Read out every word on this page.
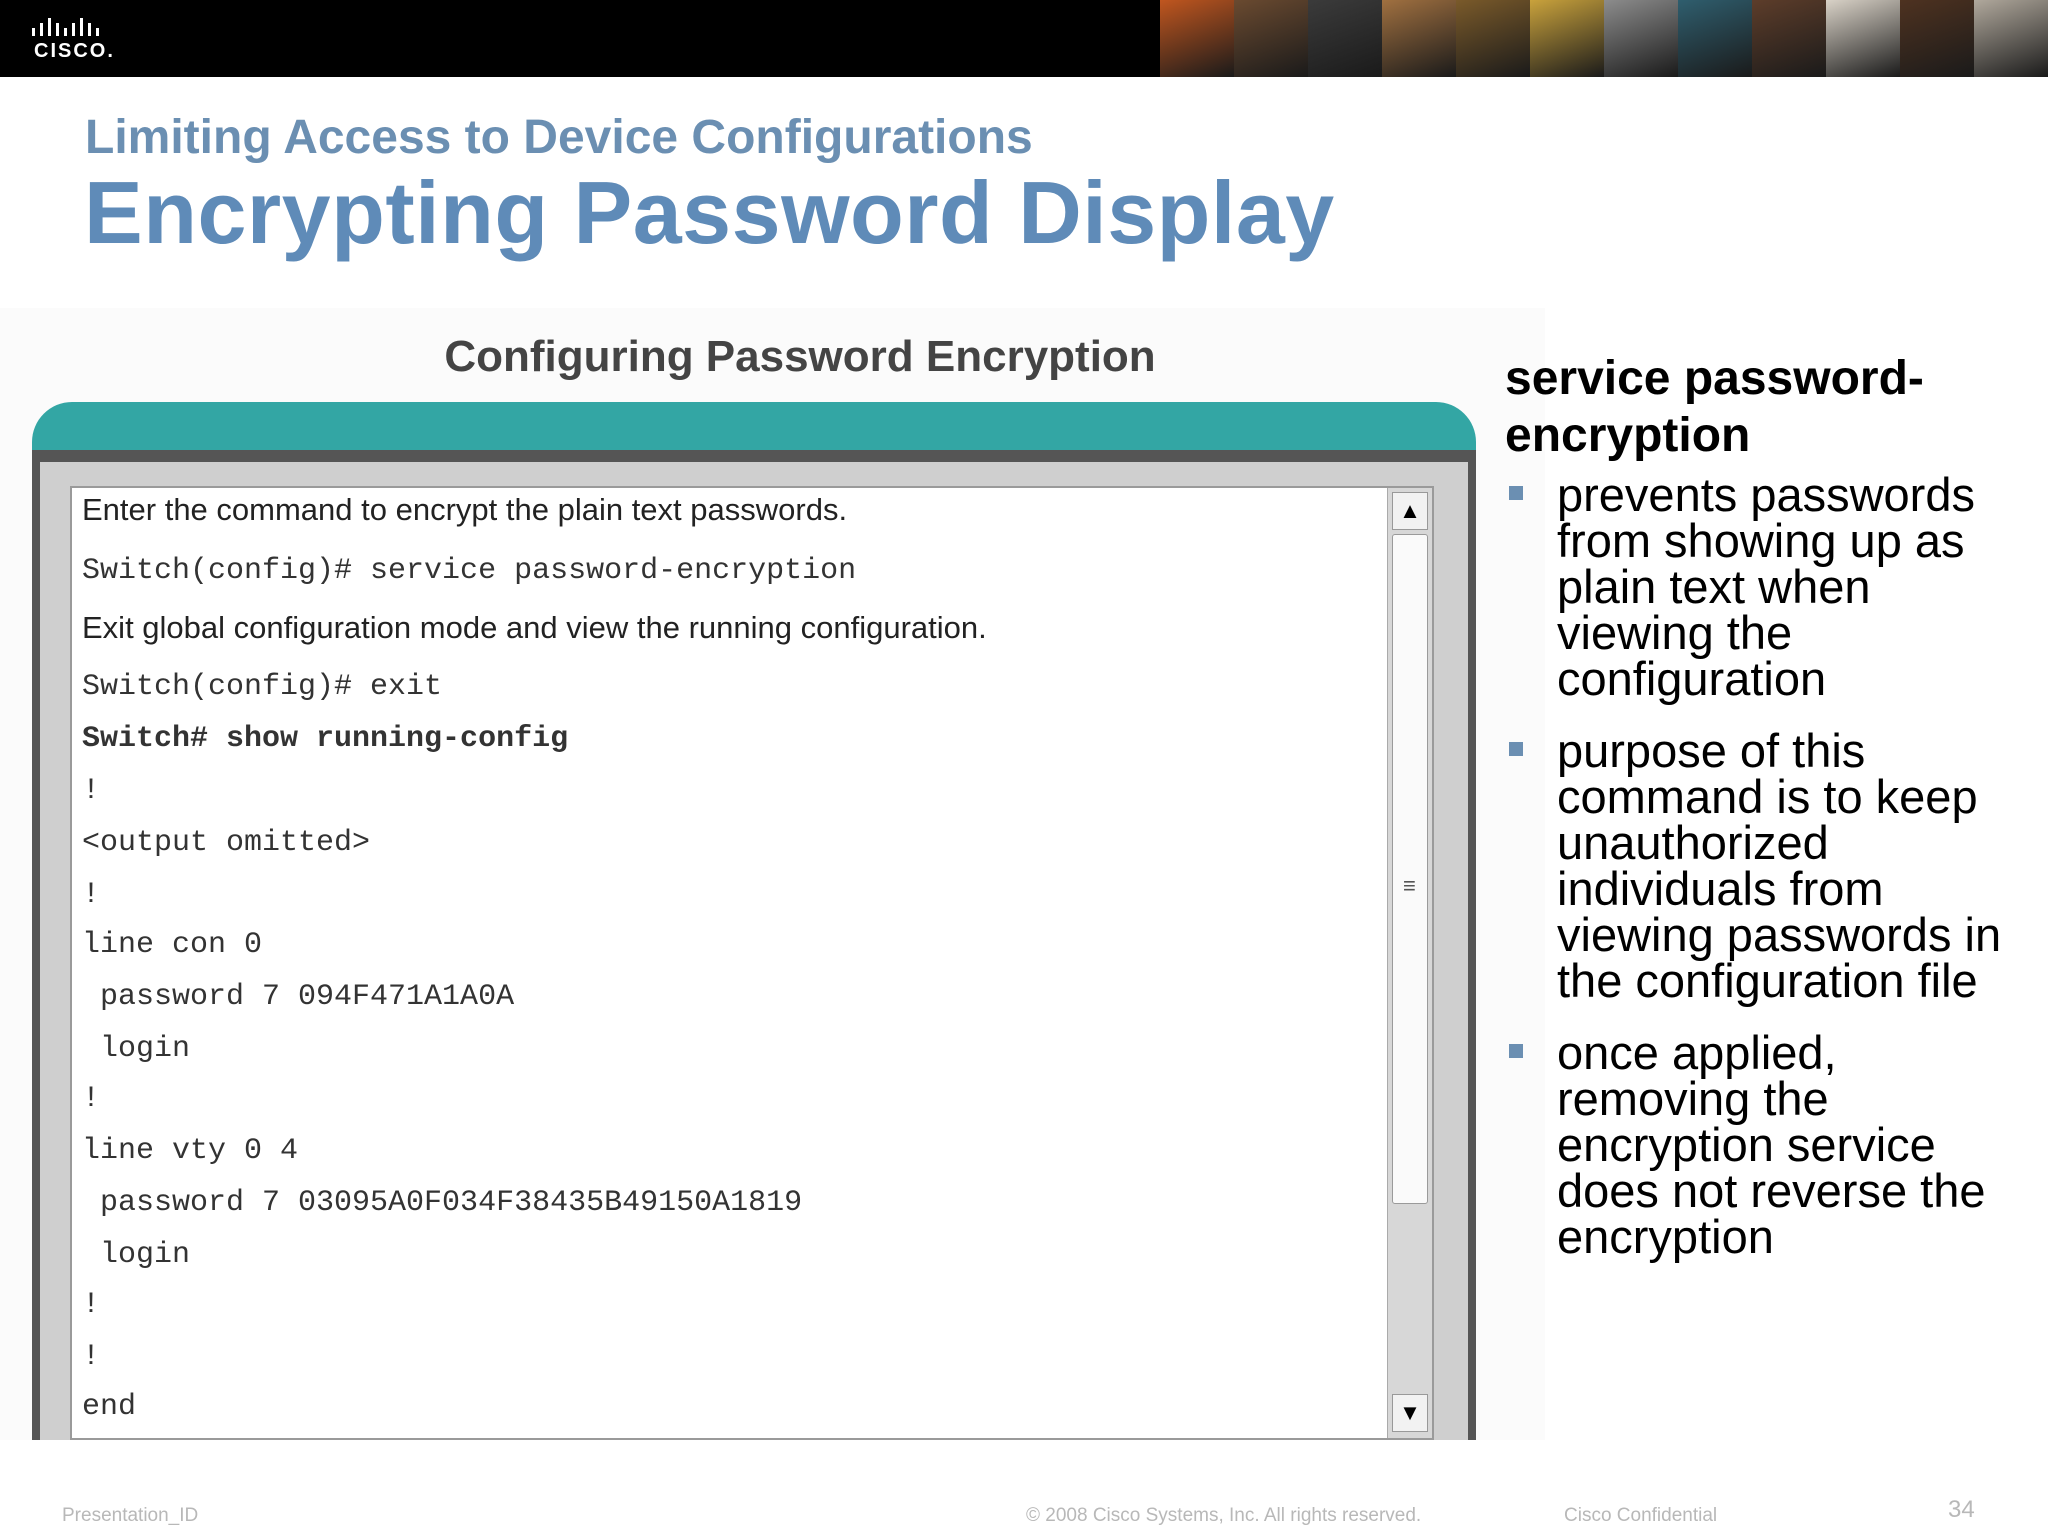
CISCO.
Limiting Access to Device Configurations
Encrypting Password Display
Configuring Password Encryption
Enter the command to encrypt the plain text passwords.
Switch(config)# service password-encryption
Exit global configuration mode and view the running configuration.
Switch(config)# exit
Switch# show running-config
!
<output omitted>
!
line con 0
password 7 094F471A1A0A
login
!
line vty 0 4
password 7 03095A0F034F38435B49150A1819
login
!
!
end
▲
≡
▼
service password-
encryption
prevents passwords from showing up as plain text when viewing the configuration
purpose of this command is to keep unauthorized individuals from viewing passwords in the configuration file
once applied, removing the encryption service does not reverse the encryption
Presentation_ID	© 2008 Cisco Systems, Inc. All rights reserved.	Cisco Confidential	34
